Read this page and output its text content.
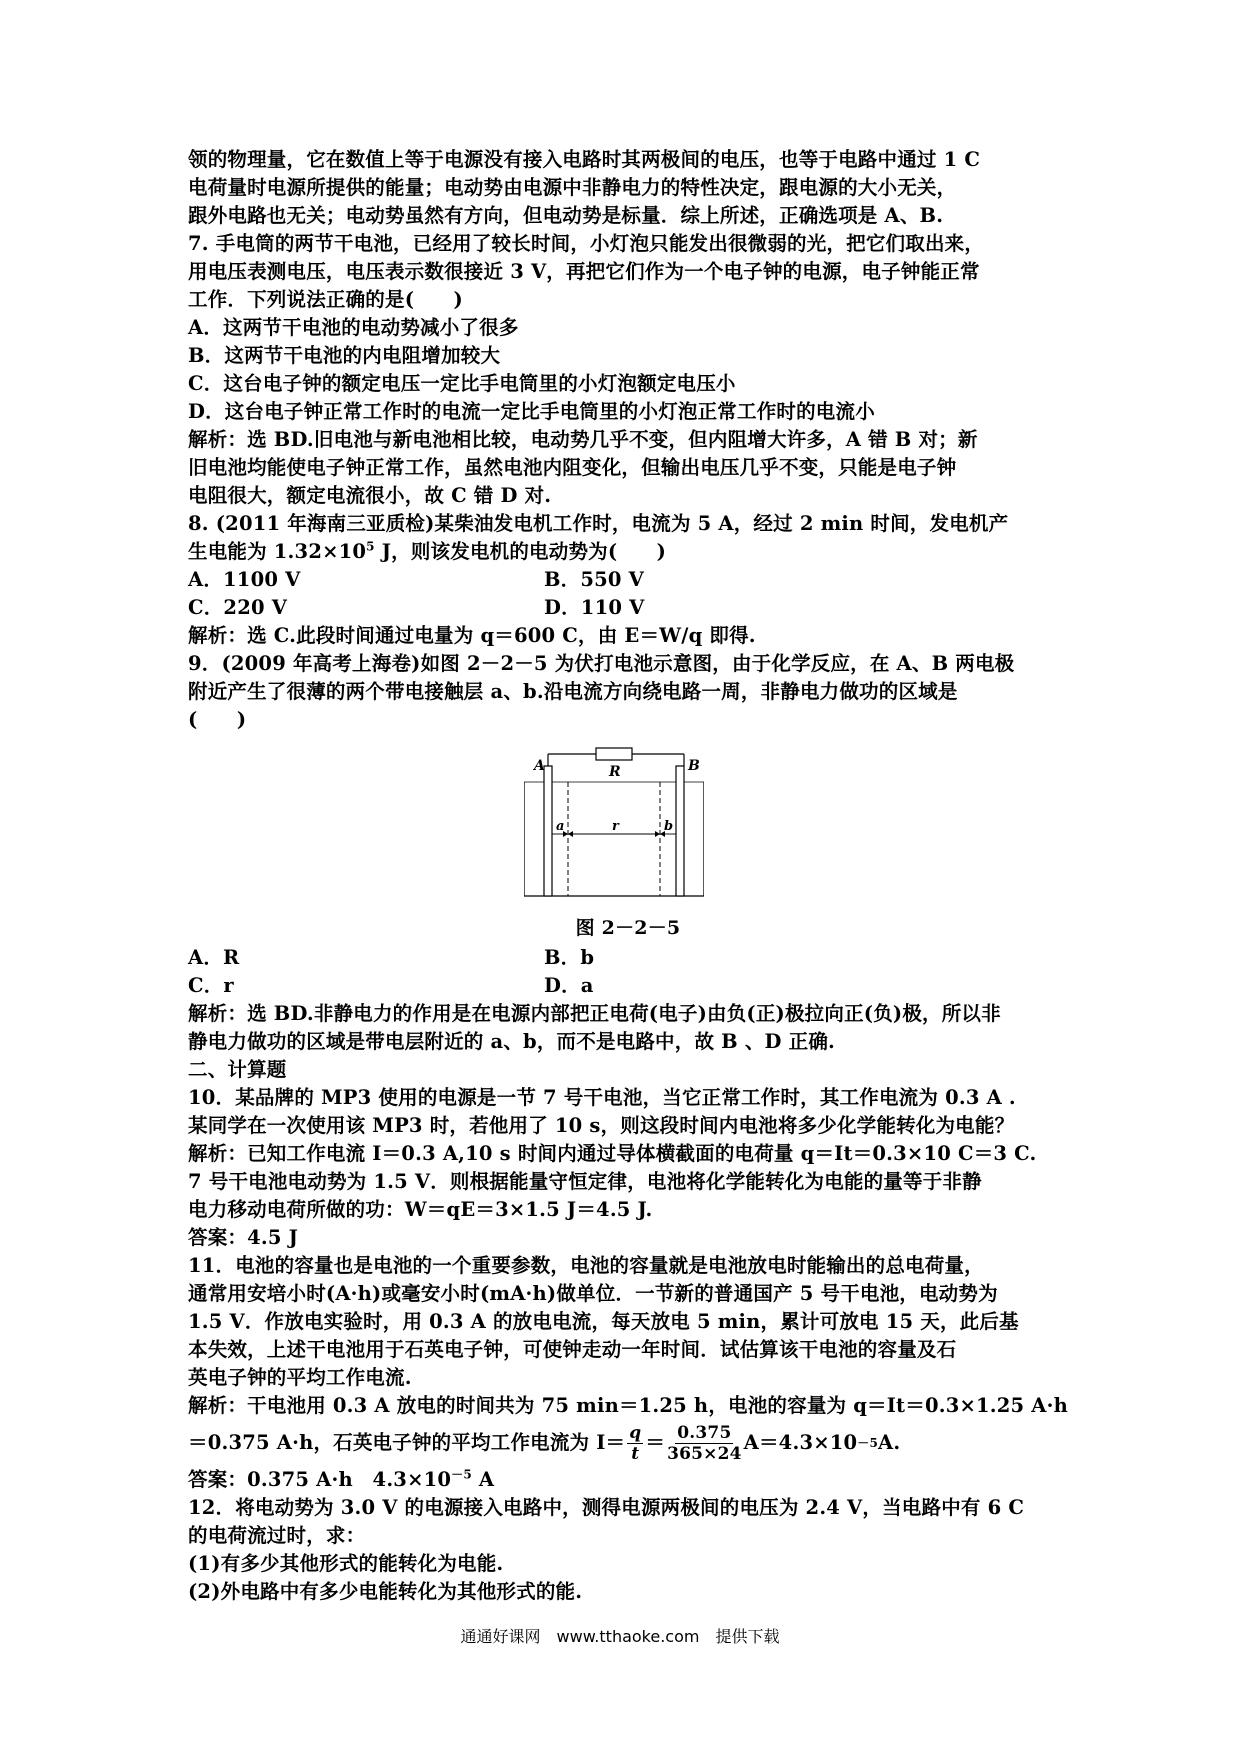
领的物理量，它在数值上等于电源没有接入电路时其两极间的电压，也等于电路中通过 1 C
电荷量时电源所提供的能量；电动势由电源中非静电力的特性决定，跟电源的大小无关，
跟外电路也无关；电动势虽然有方向，但电动势是标量．综上所述，正确选项是 A、B.
7. 手电筒的两节干电池，已经用了较长时间，小灯泡只能发出很微弱的光，把它们取出来，
用电压表测电压，电压表示数很接近 3 V，再把它们作为一个电子钟的电源，电子钟能正常
工作．下列说法正确的是(　　)
A．这两节干电池的电动势减小了很多
B．这两节干电池的内电阻增加较大
C．这台电子钟的额定电压一定比手电筒里的小灯泡额定电压小
D．这台电子钟正常工作时的电流一定比手电筒里的小灯泡正常工作时的电流小
解析：选 BD.旧电池与新电池相比较，电动势几乎不变，但内阻增大许多，A 错 B 对；新
旧电池均能使电子钟正常工作，虽然电池内阻变化，但输出电压几乎不变，只能是电子钟
电阻很大，额定电流很小，故 C 错 D 对.
8. (2011 年海南三亚质检)某柴油发电机工作时，电流为 5 A，经过 2 min 时间，发电机产
生电能为 $1.32\times 10^5$ J，则该发电机的电动势为(　　)
A．1100 V	B．550 V
C．220 V	D．110 V
解析：选 C.此段时间通过电量为 q＝600 C，由 E＝W/q 即得.
9．(2009 年高考上海卷)如图 2－2－5 为伏打电池示意图，由于化学反应，在 A、B 两电极
附近产生了很薄的两个带电接触层 a、b.沿电流方向绕电路一周，非静电力做功的区域是
(　　)
A	B
R
a	r	b
图 2－2－5
A．R	B．b
C．r	D．a
解析：选 BD.非静电力的作用是在电源内部把正电荷(电子)由负(正)极拉向正(负)极，所以非
静电力做功的区域是带电层附近的 a、b，而不是电路中，故 B 、D 正确.
二、计算题
10．某品牌的 MP3 使用的电源是一节 7 号干电池，当它正常工作时，其工作电流为 0.3 A .
某同学在一次使用该 MP3 时，若他用了 10 s，则这段时间内电池将多少化学能转化为电能？
解析：已知工作电流 I＝0.3 A,10 s 时间内通过导体横截面的电荷量 q＝It＝0.3×10 C＝3 C.
7 号干电池电动势为 1.5 V．则根据能量守恒定律，电池将化学能转化为电能的量等于非静
电力移动电荷所做的功：W＝qE＝3×1.5 J＝4.5 J.
答案：4.5 J
11．电池的容量也是电池的一个重要参数，电池的容量就是电池放电时能输出的总电荷量，
通常用安培小时(A·h)或毫安小时(mA·h)做单位．一节新的普通国产 5 号干电池，电动势为
1.5 V．作放电实验时，用 0.3 A 的放电电流，每天放电 5 min，累计可放电 15 天，此后基
本失效，上述干电池用于石英电子钟，可使钟走动一年时间．试估算该干电池的容量及石
英电子钟的平均工作电流.
解析：干电池用 0.3 A 放电的时间共为 75 min＝1.25 h，电池的容量为 q＝It＝0.3×1.25 A·h
＝0.375 A·h，石英电子钟的平均工作电流为 $I= \frac{q}{t} = \frac{0.375}{365\times 24} A=4.3\times 10 -5$ A.
答案：0.375 A·h　$4.3\times 10^{-5}$ A
12．将电动势为 3.0 V 的电源接入电路中，测得电源两极间的电压为 2.4 V，当电路中有 6 C
的电荷流过时，求：
(1)有多少其他形式的能转化为电能.
(2)外电路中有多少电能转化为其他形式的能.
通通好课网　www.tthaoke.com　提供下载
